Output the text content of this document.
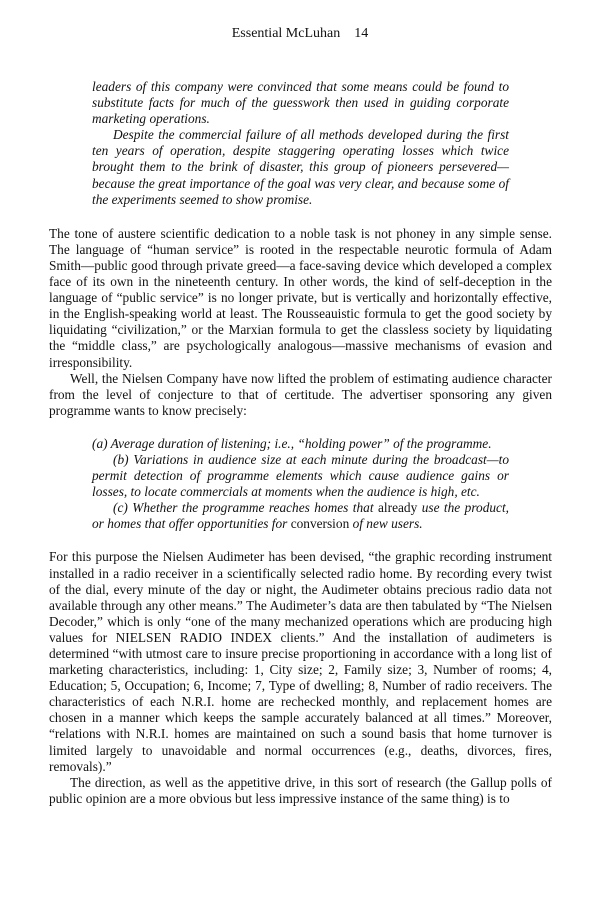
Essential McLuhan 14

leaders of this company were convinced that some means could be found to substitute facts for much of the guesswork then used in guiding corporate marketing operations.

Despite the commercial failure of all methods developed during the first ten years of operation, despite staggering operating losses which twice brought them to the brink of disaster, this group of pioneers persevered—because the great importance of the goal was very clear, and because some of the experiments seemed to show promise.

The tone of austere scientific dedication to a noble task is not phoney in any simple sense. The language of “human service” is rooted in the respectable neurotic formula of Adam Smith—public good through private greed—a face-saving device which developed a complex face of its own in the nineteenth century. In other words, the kind of self-deception in the language of “public service” is no longer private, but is vertically and horizontally effective, in the English-speaking world at least. The Rousseauistic formula to get the good society by liquidating “civilization,” or the Marxian formula to get the classless society by liquidating the “middle class,” are psychologically analogous—massive mechanisms of evasion and irresponsibility.

Well, the Nielsen Company have now lifted the problem of estimating audience character from the level of conjecture to that of certitude. The advertiser sponsoring any given programme wants to know precisely:

(a) Average duration of listening; i.e., “holding power” of the programme.

(b) Variations in audience size at each minute during the broadcast—to permit detection of programme elements which cause audience gains or losses, to locate commercials at moments when the audience is high, etc.

(c) Whether the programme reaches homes that already use the product, or homes that offer opportunities for conversion of new users.

For this purpose the Nielsen Audimeter has been devised, “the graphic recording instrument installed in a radio receiver in a scientifically selected radio home. By recording every twist of the dial, every minute of the day or night, the Audimeter obtains precious radio data not available through any other means.” The Audimeter’s data are then tabulated by “The Nielsen Decoder,” which is only “one of the many mechanized operations which are producing high values for NIELSEN RADIO INDEX clients.” And the installation of audimeters is determined “with utmost care to insure precise proportioning in accordance with a long list of marketing characteristics, including: 1, City size; 2, Family size; 3, Number of rooms; 4, Education; 5, Occupation; 6, Income; 7, Type of dwelling; 8, Number of radio receivers. The characteristics of each N.R.I. home are rechecked monthly, and replacement homes are chosen in a manner which keeps the sample accurately balanced at all times.” Moreover, “relations with N.R.I. homes are maintained on such a sound basis that home turnover is limited largely to unavoidable and normal occurrences (e.g., deaths, divorces, fires, removals).”

The direction, as well as the appetitive drive, in this sort of research (the Gallup polls of public opinion are a more obvious but less impressive instance of the same thing) is to
